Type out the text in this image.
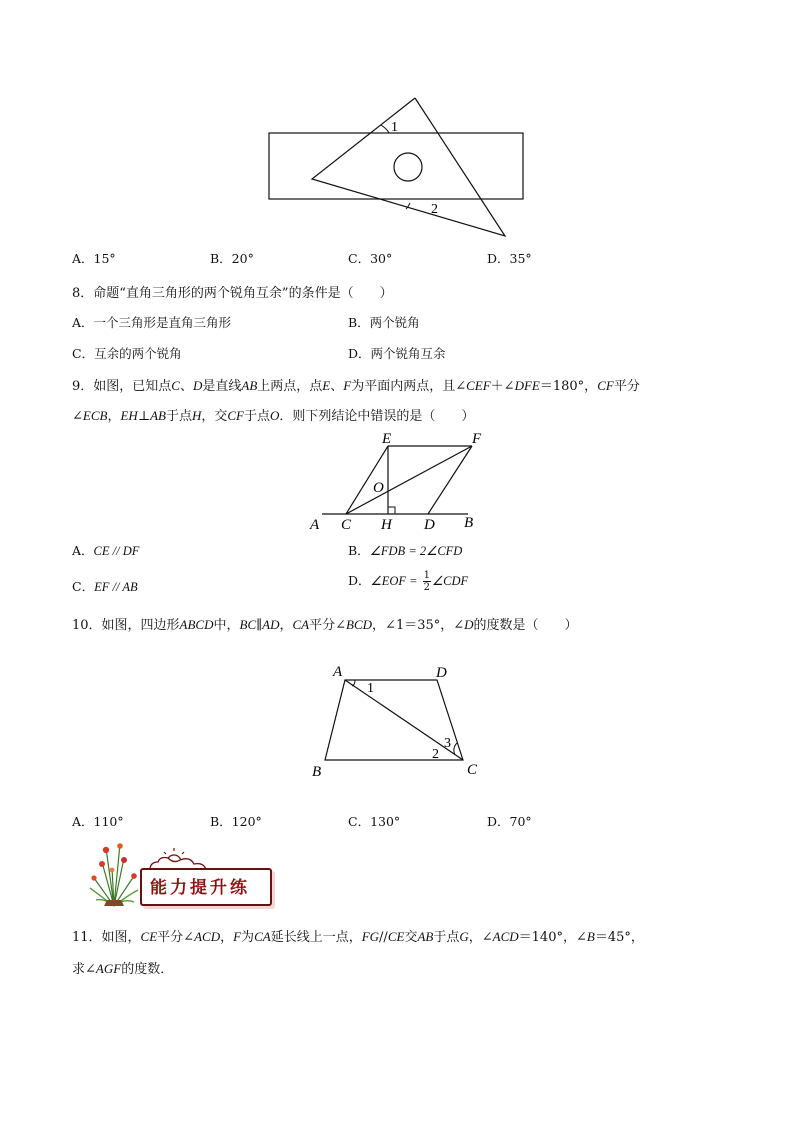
1
2
A．15°	B．20°	C．30°	D．35°
8．命题“直角三角形的两个锐角互余”的条件是（　　）
A．一个三角形是直角三角形	B．两个锐角
C．互余的两个锐角	D．两个锐角互余
9．如图，已知点C、D是直线AB上两点，点E、F为平面内两点，且∠CEF＋∠DFE＝180°，CF平分
∠ECB，EH⊥AB于点H，交CF于点O．则下列结论中错误的是（　　）
E	F
O
A C H D B
A．CE // DF	B．∠FDB = 2∠CFD
C．EF // AB	D．∠EOF = $\frac{1}{2}$ ∠CDF
10．如图，四边形ABCD中，BC∥AD，CA平分∠BCD，∠1＝35°，∠D的度数是（　　）
A	D
B	C
1
2
3
A．110°	B．120°	C．130°	D．70°
能力提升练
11．如图，CE平分∠ACD，F为CA延长线上一点，FG//CE交AB于点G，∠ACD＝140°，∠B＝45°，
求∠AGF的度数．
